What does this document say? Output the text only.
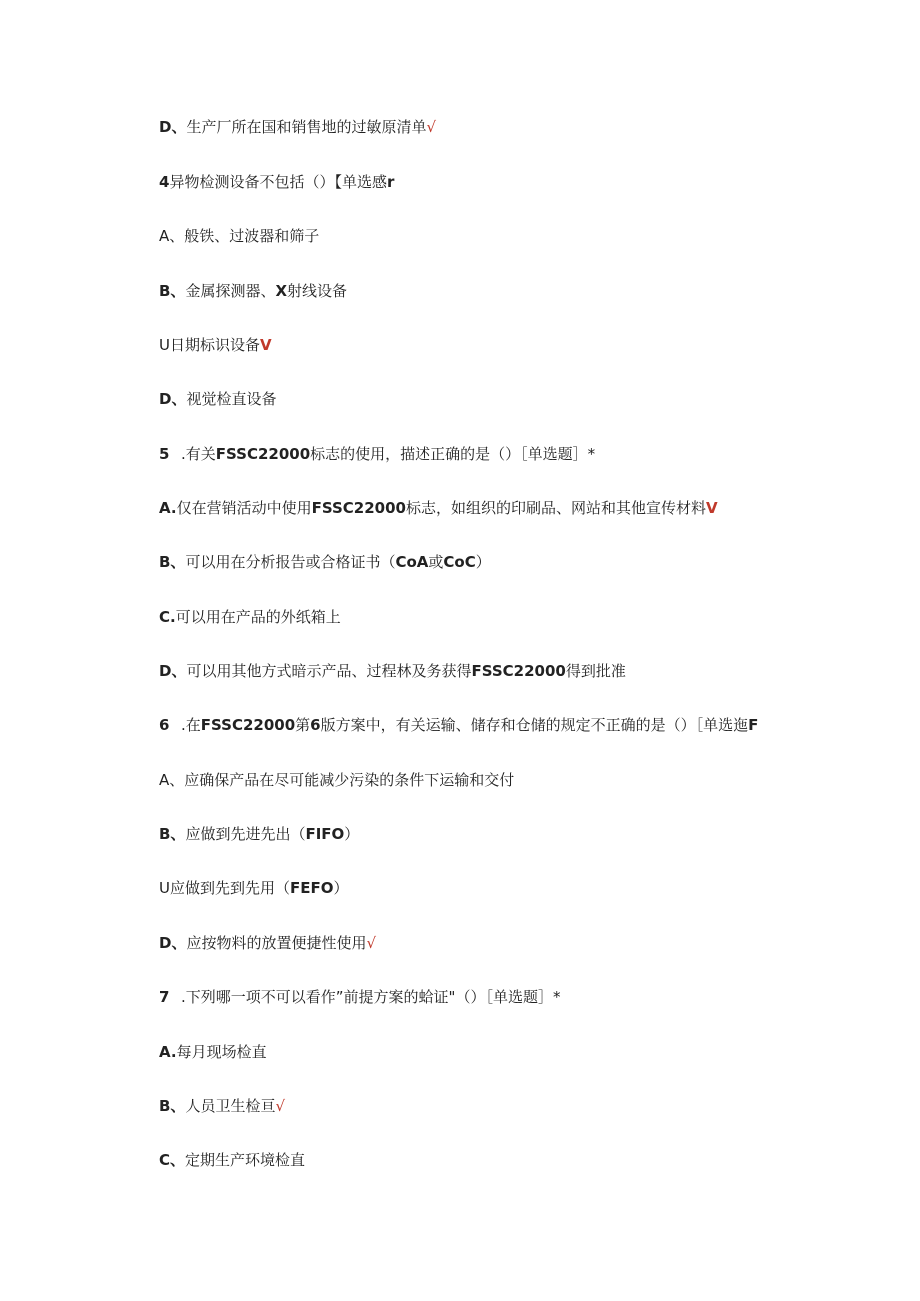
D、生产厂所在国和销售地的过敏原清单√
4异物检测设备不包括（）【单选感r
A、般铁、过波器和筛子
B、金属探测器、X射线设备
U日期标识设备V
D、视觉检直设备
5 .有关FSSC22000标志的使用，描述正确的是（）［单选题］*
A.仅在营销活动中使用FSSC22000标志，如组织的印刷品、网站和其他宣传材料V
B、可以用在分析报告或合格证书（CoA或CoC）
C.可以用在产品的外纸箱上
D、可以用其他方式暗示产品、过程林及务获得FSSC22000得到批准
6 .在FSSC22000第6版方案中，有关运输、储存和仓储的规定不正确的是（）［单选迤F
A、应确保产品在尽可能减少污染的条件下运输和交付
B、应做到先进先出（FIFO）
U应做到先到先用（FEFO）
D、应按物料的放置便捷性使用√
7 .下列哪一项不可以看作”前提方案的蛤证"（）［单选题］*
A.每月现场检直
B、人员卫生检亘√
C、定期生产环境检直
